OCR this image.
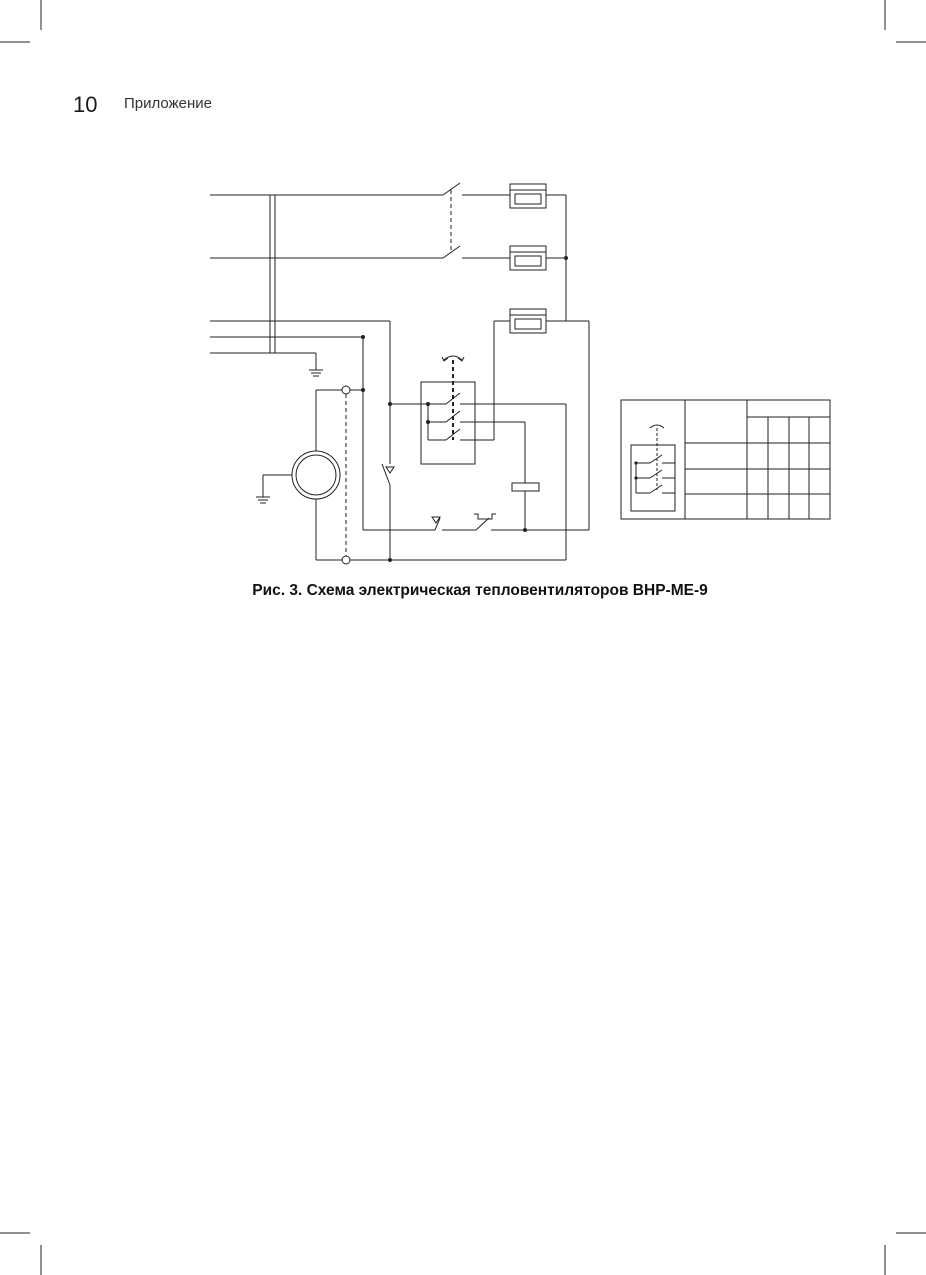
10 Приложение
Рис. 3. Схема электрическая тепловентиляторов ВНР-МЕ-9
